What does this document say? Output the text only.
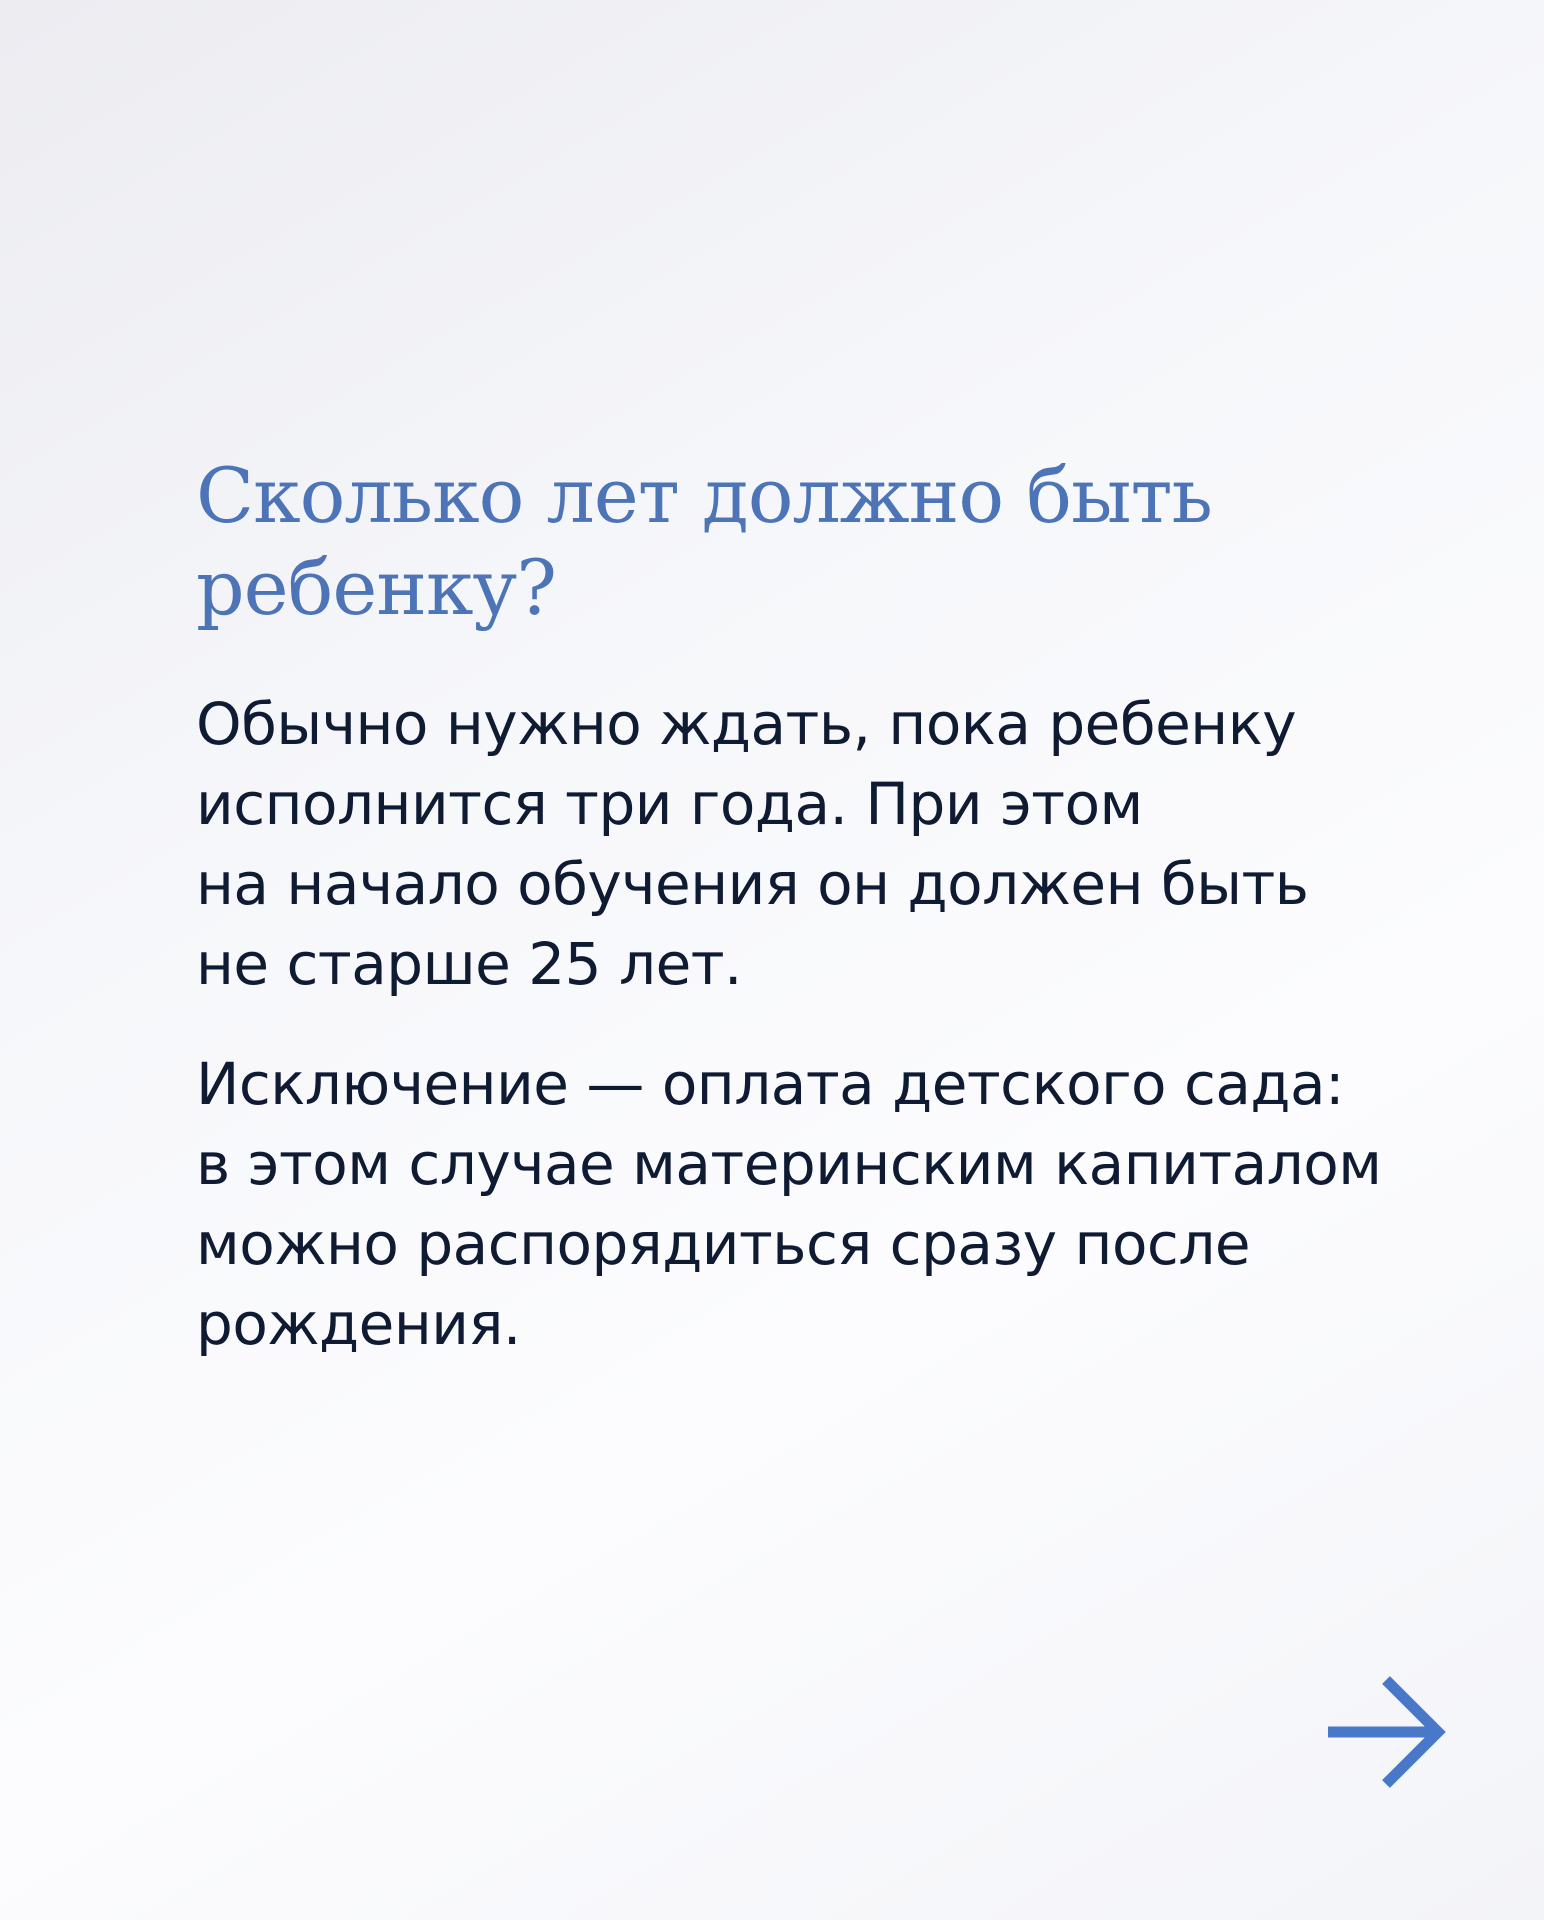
Сколько лет должно быть
ребенку?

Обычно нужно ждать, пока ребенку
исполнится три года. При этом
на начало обучения он должен быть
не старше 25 лет.

Исключение — оплата детского сада:
в этом случае материнским капиталом
можно распорядиться сразу после
рождения.
